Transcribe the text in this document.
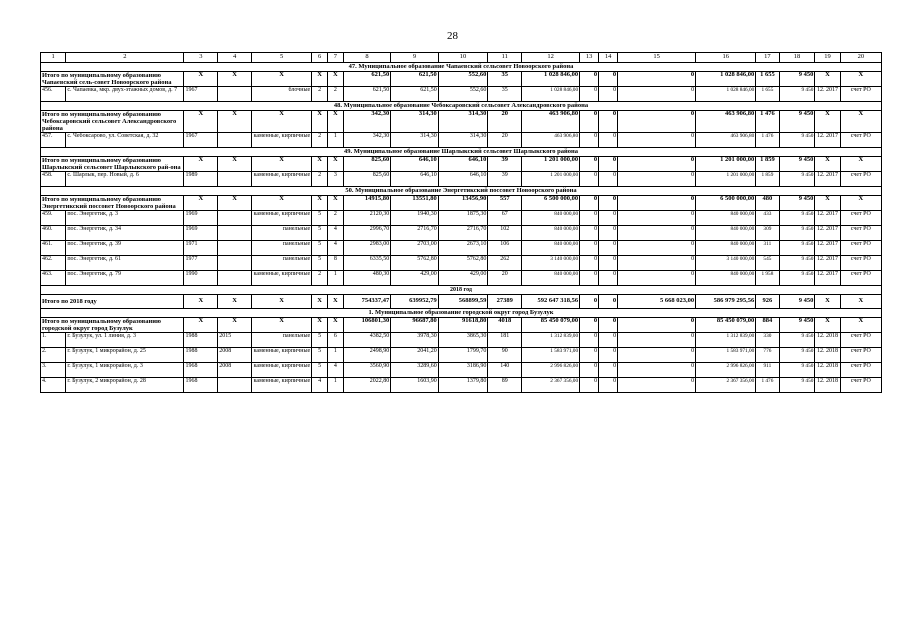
28
1	2	3	4	5	6	7	8	9	10	11	12	13	14	15	16	17	18	19	20
47. Муниципальное образование Чапаевский сельсовет Новоорского района																			
Итого по муниципальному образованию Чапаевский сель-совет Новоорского района		X	X	X	X	X	621,50	621,50	552,60	35	1 028 846,00	0	0	0	1 028 846,00	1 655	9 450	X	X
456.	с. Чапаевка, мкр. двух-этажных домов, д. 7	1967		блочные	2	2	621,50	621,50	552,60	35	1 028 846,00	0	0	0	1 028 846,00	1 655	9 450	12. 2017	счет РО
48. Муниципальное образование Чебоксаровский сельсовет Александровского района																			
Итого по муниципальному образованию Чебоксаровский сельсовет Александровского района		X	X	X	X	X	342,30	314,30	314,30	20	463 906,80	0	0	0	463 906,80	1 476	9 450	X	X
457.	с. Чебоксарово, ул. Советская, д. 32	1967		каменные, кирпичные	2	1	342,30	314,30	314,30	20	463 906,80	0	0	0	463 906,80	1 476	9 450	12. 2017	счет РО
49. Муниципальное образование Шарлыкский сельсовет Шарлыкского района																			
Итого по муниципальному образованию Шарлыкский сельсовет Шарлыкского рай-она		X	X	X	X	X	825,60	646,10	646,10	39	1 201 000,00	0	0	0	1 201 000,00	1 859	9 450	X	X
458.	с. Шарлык, пер. Новый, д. 6	1989		каменные, кирпичные	2	3	825,60	646,10	646,10	39	1 201 000,00	0	0	0	1 201 000,00	1 859	9 450	12. 2017	счет РО
50. Муниципальное образование Энергетикский поссовет Новоорского района																			
Итого по муниципальному образованию Энергетикский поссовет Новоорского района		X	X	X	X	X	14915,80	13551,80	13456,90	557	6 500 000,00	0	0	0	6 500 000,00	480	9 450	X	X
459.	пос. Энергетик, д. 3	1969		каменные, кирпичные	5	2	2120,30	1940,30	1875,30	67	840 000,00	0	0	0	840 000,00	433	9 450	12. 2017	счет РО
460.	пос. Энергетик, д. 34	1969		панельные	5	4	2996,70	2716,70	2716,70	102	840 000,00	0	0	0	840 000,00	309	9 450	12. 2017	счет РО
461.	пос. Энергетик, д. 39	1971		панельные	5	4	2983,00	2703,00	2673,10	106	840 000,00	0	0	0	840 000,00	311	9 450	12. 2017	счет РО
462.	пос. Энергетик, д. 61	1977		панельные	5	8	6335,50	5762,80	5762,80	262	3 140 000,00	0	0	0	3 140 000,00	545	9 450	12. 2017	счет РО
463.	пос. Энергетик, д. 79	1990		каменные, кирпичные	2	1	480,30	429,00	429,00	20	840 000,00	0	0	0	840 000,00	1 958	9 450	12. 2017	счет РО
2018 год																			
Итого по 2018 году		X	X	X	X	X	754337,47	639952,79	568899,59	27389	592 647 318,56	0	0	5 668 023,00	586 979 295,56	926	9 450	X	X
1. Муниципальное образование городской округ город Бузулук																			
Итого по муниципальному образованию городской округ город Бузулук		X	X	X	X	X	106801,30	96687,80	91618,80	4018	85 450 079,00	0	0	0	85 450 079,00	884	9 450	X	X
1.	г. Бузулук, ул. 1 линия, д. 3	1988	2015	панельные	5	6	4382,50	3978,30	3865,30	181	1 312 839,00	0	0	0	1 312 839,00	330	9 450	12. 2018	счет РО
2.	г. Бузулук, 1 микрорайон, д. 25	1988	2008	каменные, кирпичные	5	1	2498,90	2041,20	1799,70	90	1 583 971,00	0	0	0	1 583 971,00	776	9 450	12. 2018	счет РО
3.	г. Бузулук, 1 микрорайон, д. 3	1968	2008	каменные, кирпичные	5	4	3560,90	3289,60	3186,90	140	2 996 826,00	0	0	0	2 996 826,00	911	9 450	12. 2018	счет РО
4.	г. Бузулук, 2 микрорайон, д. 28	1968		каменные, кирпичные	4	1	2022,80	1603,90	1379,80	89	2 367 356,00	0	0	0	2 367 356,00	1 476	9 450	12. 2018	счет РО
